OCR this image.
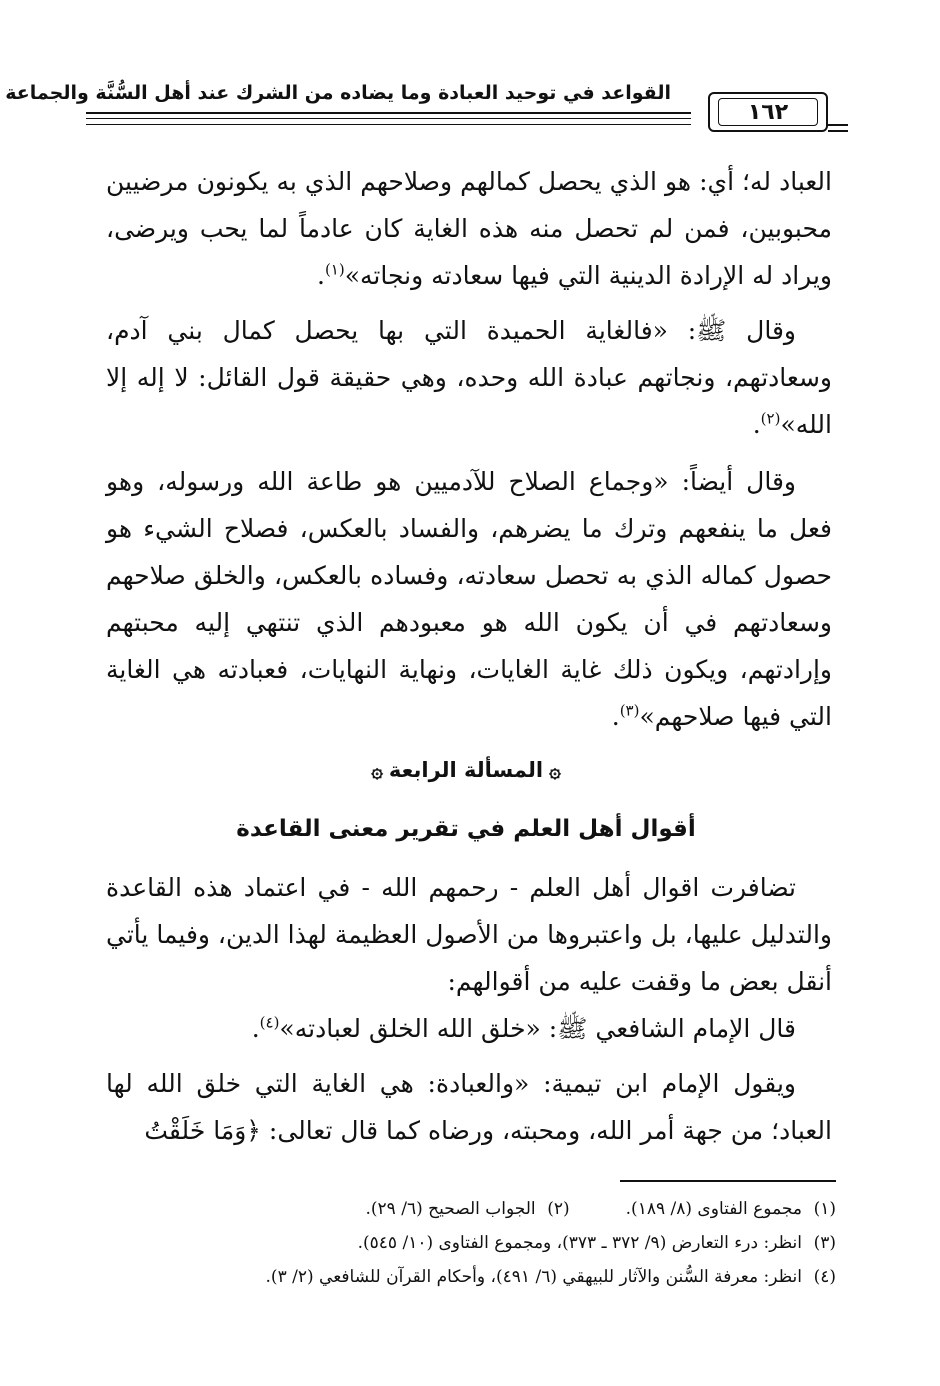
القواعد في توحيد العبادة وما يضاده من الشرك عند أهل السُّنَّة والجماعة
١٦٢

العباد له؛ أي: هو الذي يحصل كمالهم وصلاحهم الذي به يكونون مرضيين محبوبين، فمن لم تحصل منه هذه الغاية كان عادماً لما يحب ويرضى، ويراد له الإرادة الدينية التي فيها سعادته ونجاته»$^{(١)}$.

وقال ﷺ: «فالغاية الحميدة التي بها يحصل كمال بني آدم، وسعادتهم، ونجاتهم عبادة الله وحده، وهي حقيقة قول القائل: لا إله إلا الله»$^{(٢)}$.

وقال أيضاً: «وجماع الصلاح للآدميين هو طاعة الله ورسوله، وهو فعل ما ينفعهم وترك ما يضرهم، والفساد بالعكس، فصلاح الشيء هو حصول كماله الذي به تحصل سعادته، وفساده بالعكس، والخلق صلاحهم وسعادتهم في أن يكون الله هو معبودهم الذي تنتهي إليه محبتهم وإرادتهم، ويكون ذلك غاية الغايات، ونهاية النهايات، فعبادته هي الغاية التي فيها صلاحهم»$^{(٣)}$.

۞المسألة الرابعة۞
أقوال أهل العلم في تقرير معنى القاعدة

تضافرت اقوال أهل العلم - رحمهم الله - في اعتماد هذه القاعدة والتدليل عليها، بل واعتبروها من الأصول العظيمة لهذا الدين، وفيما يأتي أنقل بعض ما وقفت عليه من أقوالهم:

قال الإمام الشافعي ﷺ: «خلق الله الخلق لعبادته»$^{(٤)}$.

ويقول الإمام ابن تيمية: «والعبادة: هي الغاية التي خلق الله لها العباد؛ من جهة أمر الله، ومحبته، ورضاه كما قال تعالى: ﴿وَمَا خَلَقْتُ

(١)مجموع الفتاوى (٨/ ١٨٩).(٢)الجواب الصحيح (٦/ ٢٩).
(٣)انظر: درء التعارض (٩/ ٣٧٢ ـ ٣٧٣)، ومجموع الفتاوى (١٠/ ٥٤٥).
(٤)انظر: معرفة السُّنن والآثار للبيهقي (٦/ ٤٩١)، وأحكام القرآن للشافعي (٢/ ٣).
